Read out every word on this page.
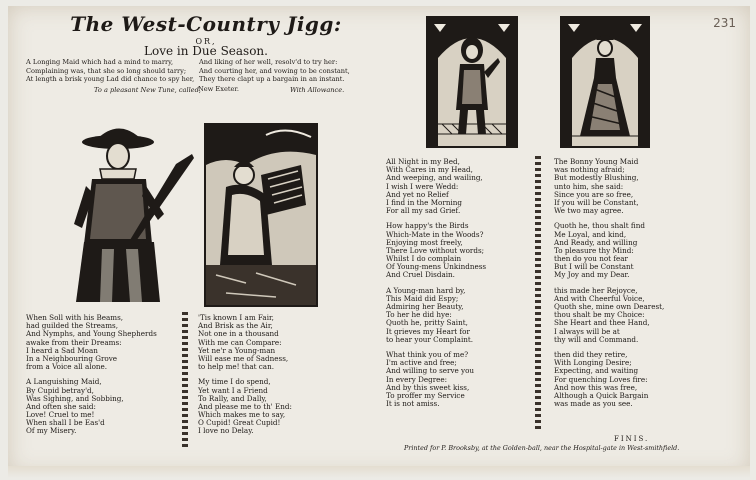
231
The West-Country Jigg:
OR,
Love in Due Season.
A Longing Maid which had a mind to marry,
Complaining was, that she so long should tarry;
At length a brisk young Lad did chance to spy her,
And liking of her well, resolv'd to try her:
And courting her, and vowing to be constant,
They there clapt up a bargain in an instant.
To a pleasant New Tune, called,
New Exeter.	With Allowance.
When Soll with his Beams,
had guilded the Streams,
And Nymphs, and Young Shepherds
awake from their Dreams:
I heard a Sad Moan
In a Neighbouring Grove
from a Voice all alone.
A Languishing Maid,
By Cupid betray'd,
Was Sighing, and Sobbing,
And often she said:
Love! Cruel to me!
When shall I be Eas'd
Of my Misery.
'Tis known I am Fair,
And Brisk as the Air,
Not one in a thousand
With me can Compare:
Yet ne'r a Young-man
Will ease me of Sadness,
to help me! that can.
My time I do spend,
Yet want I a Friend
To Rally, and Dally,
And please me to th' End:
Which makes me to say,
O Cupid! Great Cupid!
I love no Delay.
All Night in my Bed,
With Cares in my Head,
And weeping, and wailing,
I wish I were Wedd:
And yet no Relief
I find in the Morning
For all my sad Grief.
How happy's the Birds
Which-Mate in the Woods?
Enjoying most freely,
There Love without words;
Whilst I do complain
Of Young-mens Unkindness
And Cruel Disdain.
A Young-man hard by,
This Maid did Espy;
Admiring her Beauty,
To her he did hye:
Quoth he, pritty Saint,
It grieves my Heart for
to hear your Complaint.
What think you of me?
I'm active and free;
And willing to serve you
In every Degree:
And by this sweet kiss,
To proffer my Service
It is not amiss.
The Bonny Young Maid
was nothing afraid;
But modestly Blushing,
unto him, she said:
Since you are so free,
If you will be Constant,
We two may agree.
Quoth he, thou shalt find
Me Loyal, and kind,
And Ready, and willing
To pleasure thy Mind:
then do you not fear
But I will be Constant
My Joy and my Dear.
this made her Rejoyce,
And with Cheerful Voice,
Quoth she, mine own Dearest,
thou shalt be my Choice:
She Heart and thee Hand,
I always will be at
thy will and Command.
then did they retire,
With Longing Desire;
Expecting, and waiting
For quenching Loves fire:
And now this was free,
Although a Quick Bargain
was made as you see.
FINIS.
Printed for P. Brooksby, at the Golden-ball, near the Hospital-gate in West-smithfield.
